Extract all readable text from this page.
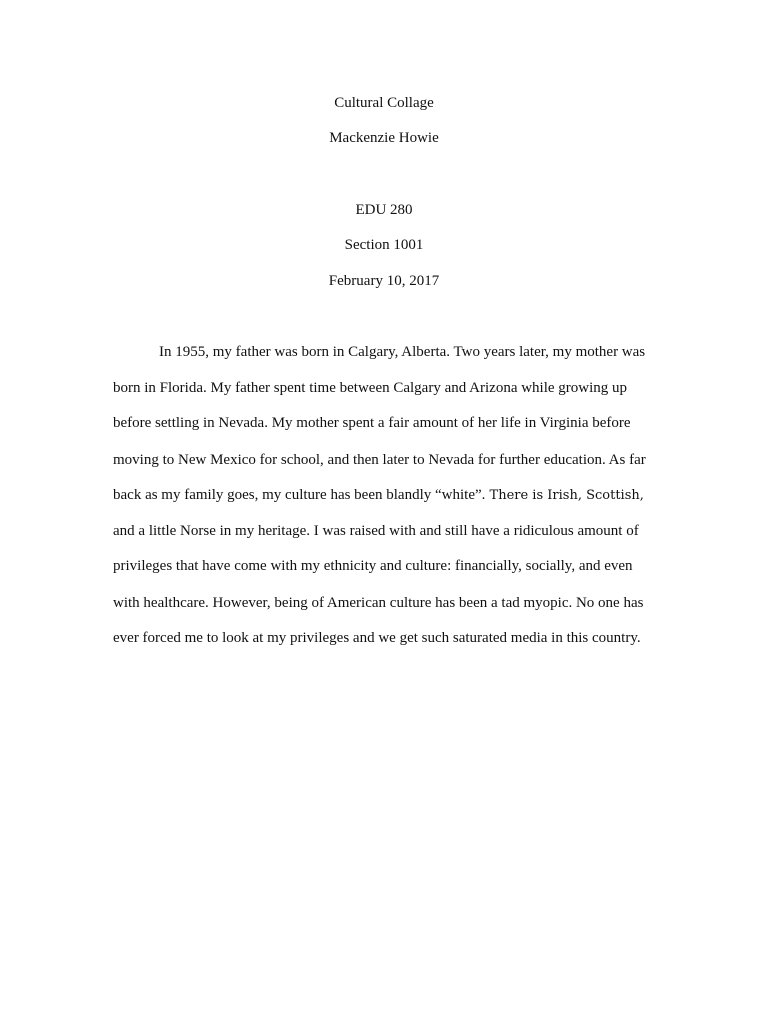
Cultural Collage
Mackenzie Howie
EDU 280
Section 1001
February 10, 2017
In 1955, my father was born in Calgary, Alberta. Two years later, my mother was
born in Florida. My father spent time between Calgary and Arizona while growing up
before settling in Nevada. My mother spent a fair amount of her life in Virginia before
moving to New Mexico for school, and then later to Nevada for further education. As far
back as my family goes, my culture has been blandly “white”. There is Irish, Scottish,
and a little Norse in my heritage. I was raised with and still have a ridiculous amount of
privileges that have come with my ethnicity and culture: financially, socially, and even
with healthcare. However, being of American culture has been a tad myopic. No one has
ever forced me to look at my privileges and we get such saturated media in this country.
